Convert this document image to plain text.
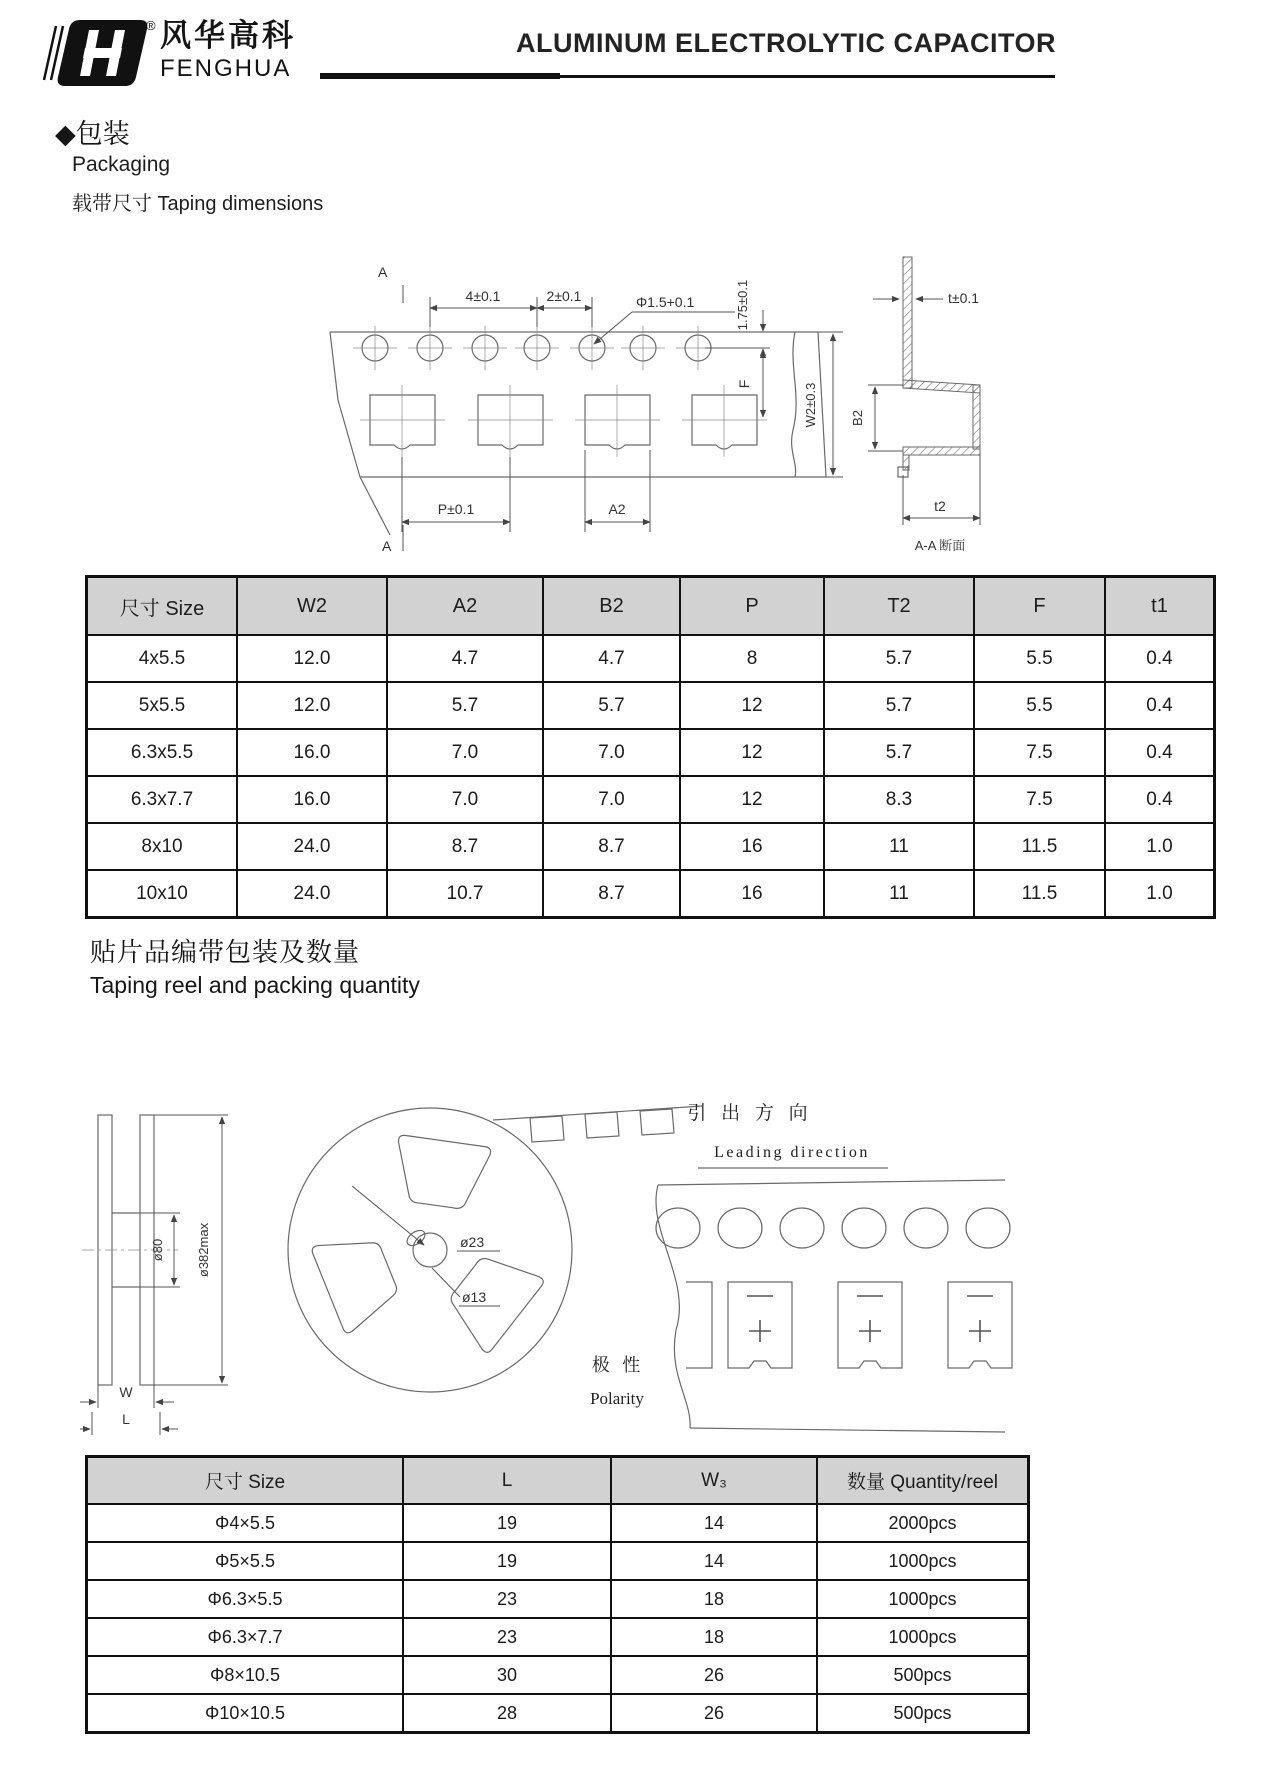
® 风华高科
FENGHUA
ALUMINUM ELECTROLYTIC CAPACITOR
◆包装
Packaging
载带尺寸 Taping dimensions
A
4±0.1	2±0.1	Φ1.5+0.1	1.75±0.1
F	W2±0.3
P±0.1	A2
A
t±0.1
B2
t2
A-A 断面
尺寸 Size	W2	A2	B2	P	T2	F	t1
4x5.5	12.0	4.7	4.7	8	5.7	5.5	0.4
5x5.5	12.0	5.7	5.7	12	5.7	5.5	0.4
6.3x5.5	16.0	7.0	7.0	12	5.7	7.5	0.4
6.3x7.7	16.0	7.0	7.0	12	8.3	7.5	0.4
8x10	24.0	8.7	8.7	16	11	11.5	1.0
10x10	24.0	10.7	8.7	16	11	11.5	1.0
贴片品编带包装及数量
Taping reel and packing quantity
ø80 ø382max
W
L
ø23
ø13
引 出 方 向
Leading direction
极 性
Polarity
尺寸 Size	L	W₃	数量 Quantity/reel
Φ4×5.5	19	14	2000pcs
Φ5×5.5	19	14	1000pcs
Φ6.3×5.5	23	18	1000pcs
Φ6.3×7.7	23	18	1000pcs
Φ8×10.5	30	26	500pcs
Φ10×10.5	28	26	500pcs
